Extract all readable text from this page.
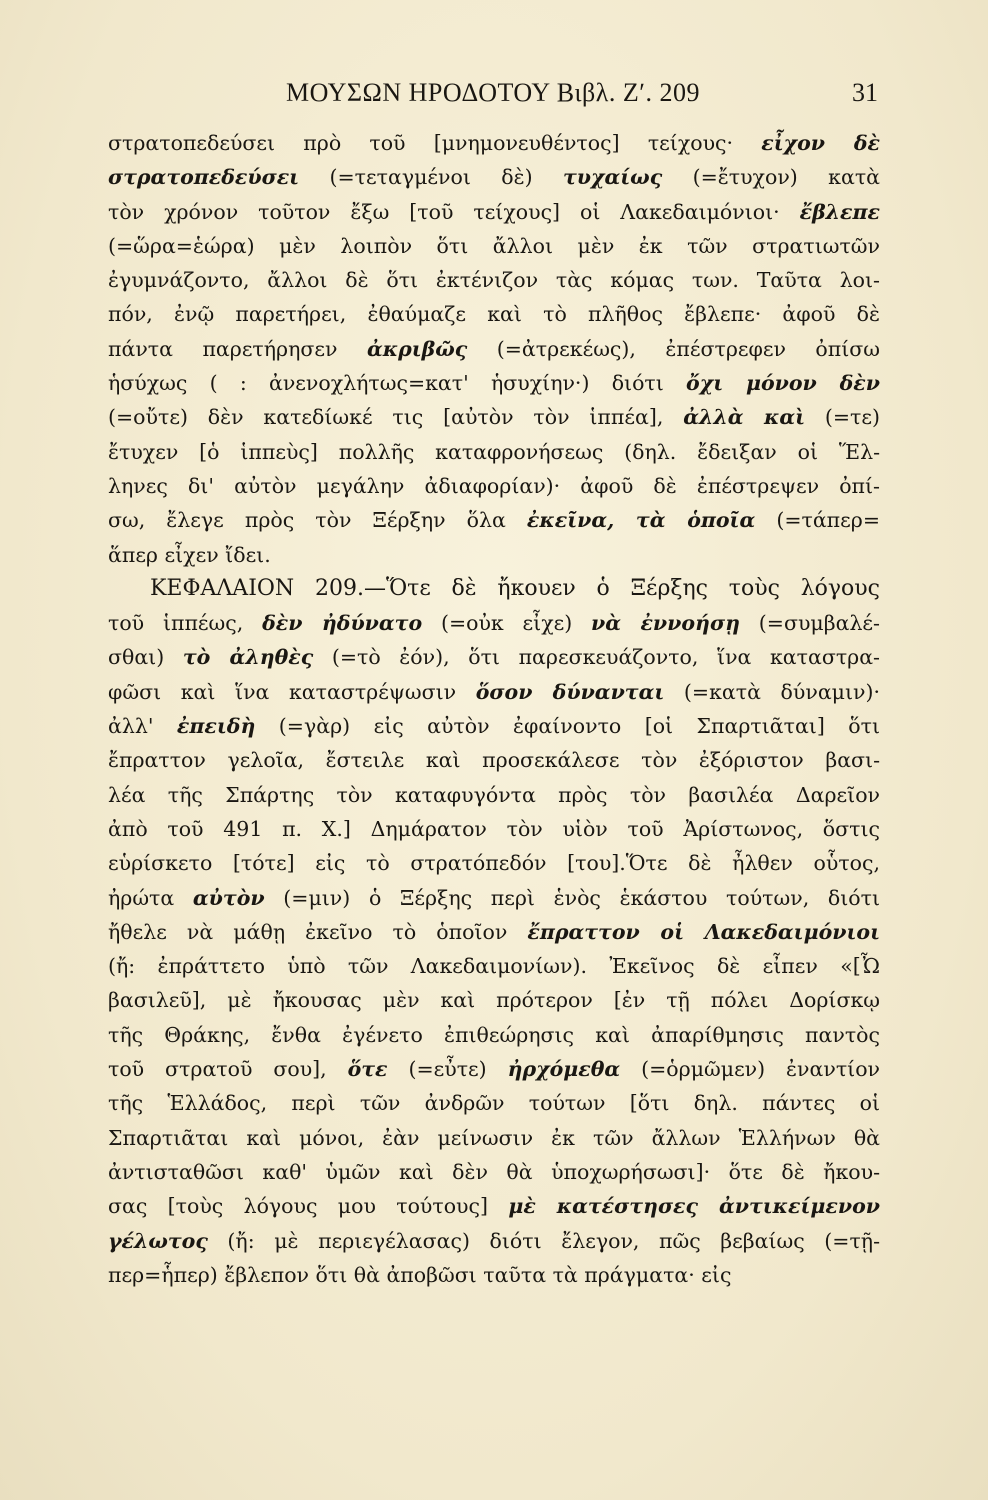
ΜΟΥΣΩΝ ΗΡΟΔΟΤΟΥ Βιβλ. Ζʹ. 209	31
στρατοπεδεύσει πρὸ τοῦ [μνημονευθέντος] τείχους· εἶχον δὲ
στρατοπεδεύσει (=τεταγμένοι δὲ) τυχαίως (=ἔτυχον) κατὰ
τὸν χρόνον τοῦτον ἔξω [τοῦ τείχους] οἱ Λακεδαιμόνιοι· ἔβλεπε
(=ὥρα=ἑώρα) μὲν λοιπὸν ὅτι ἄλλοι μὲν ἐκ τῶν στρατιωτῶν
ἐγυμνάζοντο, ἄλλοι δὲ ὅτι ἐκτένιζον τὰς κόμας των. Ταῦτα λοι-
πόν, ἐνῷ παρετήρει, ἐθαύμαζε καὶ τὸ πλῆθος ἔβλεπε· ἀφοῦ δὲ
πάντα παρετήρησεν ἀκριβῶς (=ἀτρεκέως), ἐπέστρεφεν ὀπίσω
ἡσύχως ( : ἀνενοχλήτως=κατ' ἡσυχίην·) διότι ὄχι μόνον δὲν
(=οὔτε) δὲν κατεδίωκέ τις [αὐτὸν τὸν ἱππέα], ἀλλὰ καὶ (=τε)
ἔτυχεν [ὁ ἱππεὺς] πολλῆς καταφρονήσεως (δηλ. ἔδειξαν οἱ Ἕλ-
ληνες δι' αὐτὸν μεγάλην ἀδιαφορίαν)· ἀφοῦ δὲ ἐπέστρεψεν ὀπί-
σω, ἔλεγε πρὸς τὸν Ξέρξην ὅλα ἐκεῖνα, τὰ ὁποῖα (=τάπερ=
ἅπερ εἶχεν ἴδει.
ΚΕΦΑΛΑΙΟΝ 209.—Ὅτε δὲ ἤκουεν ὁ Ξέρξης τοὺς λόγους
τοῦ ἱππέως, δὲν ἠδύνατο (=οὐκ εἶχε) νὰ ἐννοήσῃ (=συμβαλέ-
σθαι) τὸ ἀληθὲς (=τὸ ἐόν), ὅτι παρεσκευάζοντο, ἵνα καταστρα-
φῶσι καὶ ἵνα καταστρέψωσιν ὅσον δύνανται (=κατὰ δύναμιν)·
ἀλλ' ἐπειδὴ (=γὰρ) εἰς αὐτὸν ἐφαίνοντο [οἱ Σπαρτιᾶται] ὅτι
ἔπραττον γελοῖα, ἔστειλε καὶ προσεκάλεσε τὸν ἐξόριστον βασι-
λέα τῆς Σπάρτης τὸν καταφυγόντα πρὸς τὸν βασιλέα Δαρεῖον
ἀπὸ τοῦ 491 π. Χ.] Δημάρατον τὸν υἱὸν τοῦ Ἀρίστωνος, ὅστις
εὑρίσκετο [τότε] εἰς τὸ στρατόπεδόν [του].Ὅτε δὲ ἦλθεν οὗτος,
ἠρώτα αὐτὸν (=μιν) ὁ Ξέρξης περὶ ἑνὸς ἑκάστου τούτων, διότι
ἤθελε νὰ μάθῃ ἐκεῖνο τὸ ὁποῖον ἔπραττον οἱ Λακεδαιμόνιοι
(ἤ: ἐπράττετο ὑπὸ τῶν Λακεδαιμονίων). Ἐκεῖνος δὲ εἶπεν «[Ὦ
βασιλεῦ], μὲ ἤκουσας μὲν καὶ πρότερον [ἐν τῇ πόλει Δορίσκῳ
τῆς Θράκης, ἔνθα ἐγένετο ἐπιθεώρησις καὶ ἀπαρίθμησις παντὸς
τοῦ στρατοῦ σου], ὅτε (=εὖτε) ἠρχόμεθα (=ὁρμῶμεν) ἐναντίον
τῆς Ἑλλάδος, περὶ τῶν ἀνδρῶν τούτων [ὅτι δηλ. πάντες οἱ
Σπαρτιᾶται καὶ μόνοι, ἐὰν μείνωσιν ἐκ τῶν ἄλλων Ἑλλήνων θὰ
ἀντισταθῶσι καθ' ὑμῶν καὶ δὲν θὰ ὑποχωρήσωσι]· ὅτε δὲ ἤκου-
σας [τοὺς λόγους μου τούτους] μὲ κατέστησες ἀντικείμενον
γέλωτος (ἤ: μὲ περιεγέλασας) διότι ἔλεγον, πῶς βεβαίως (=τῇ-
περ=ἧπερ) ἔβλεπον ὅτι θὰ ἀποβῶσι ταῦτα τὰ πράγματα· εἰς
